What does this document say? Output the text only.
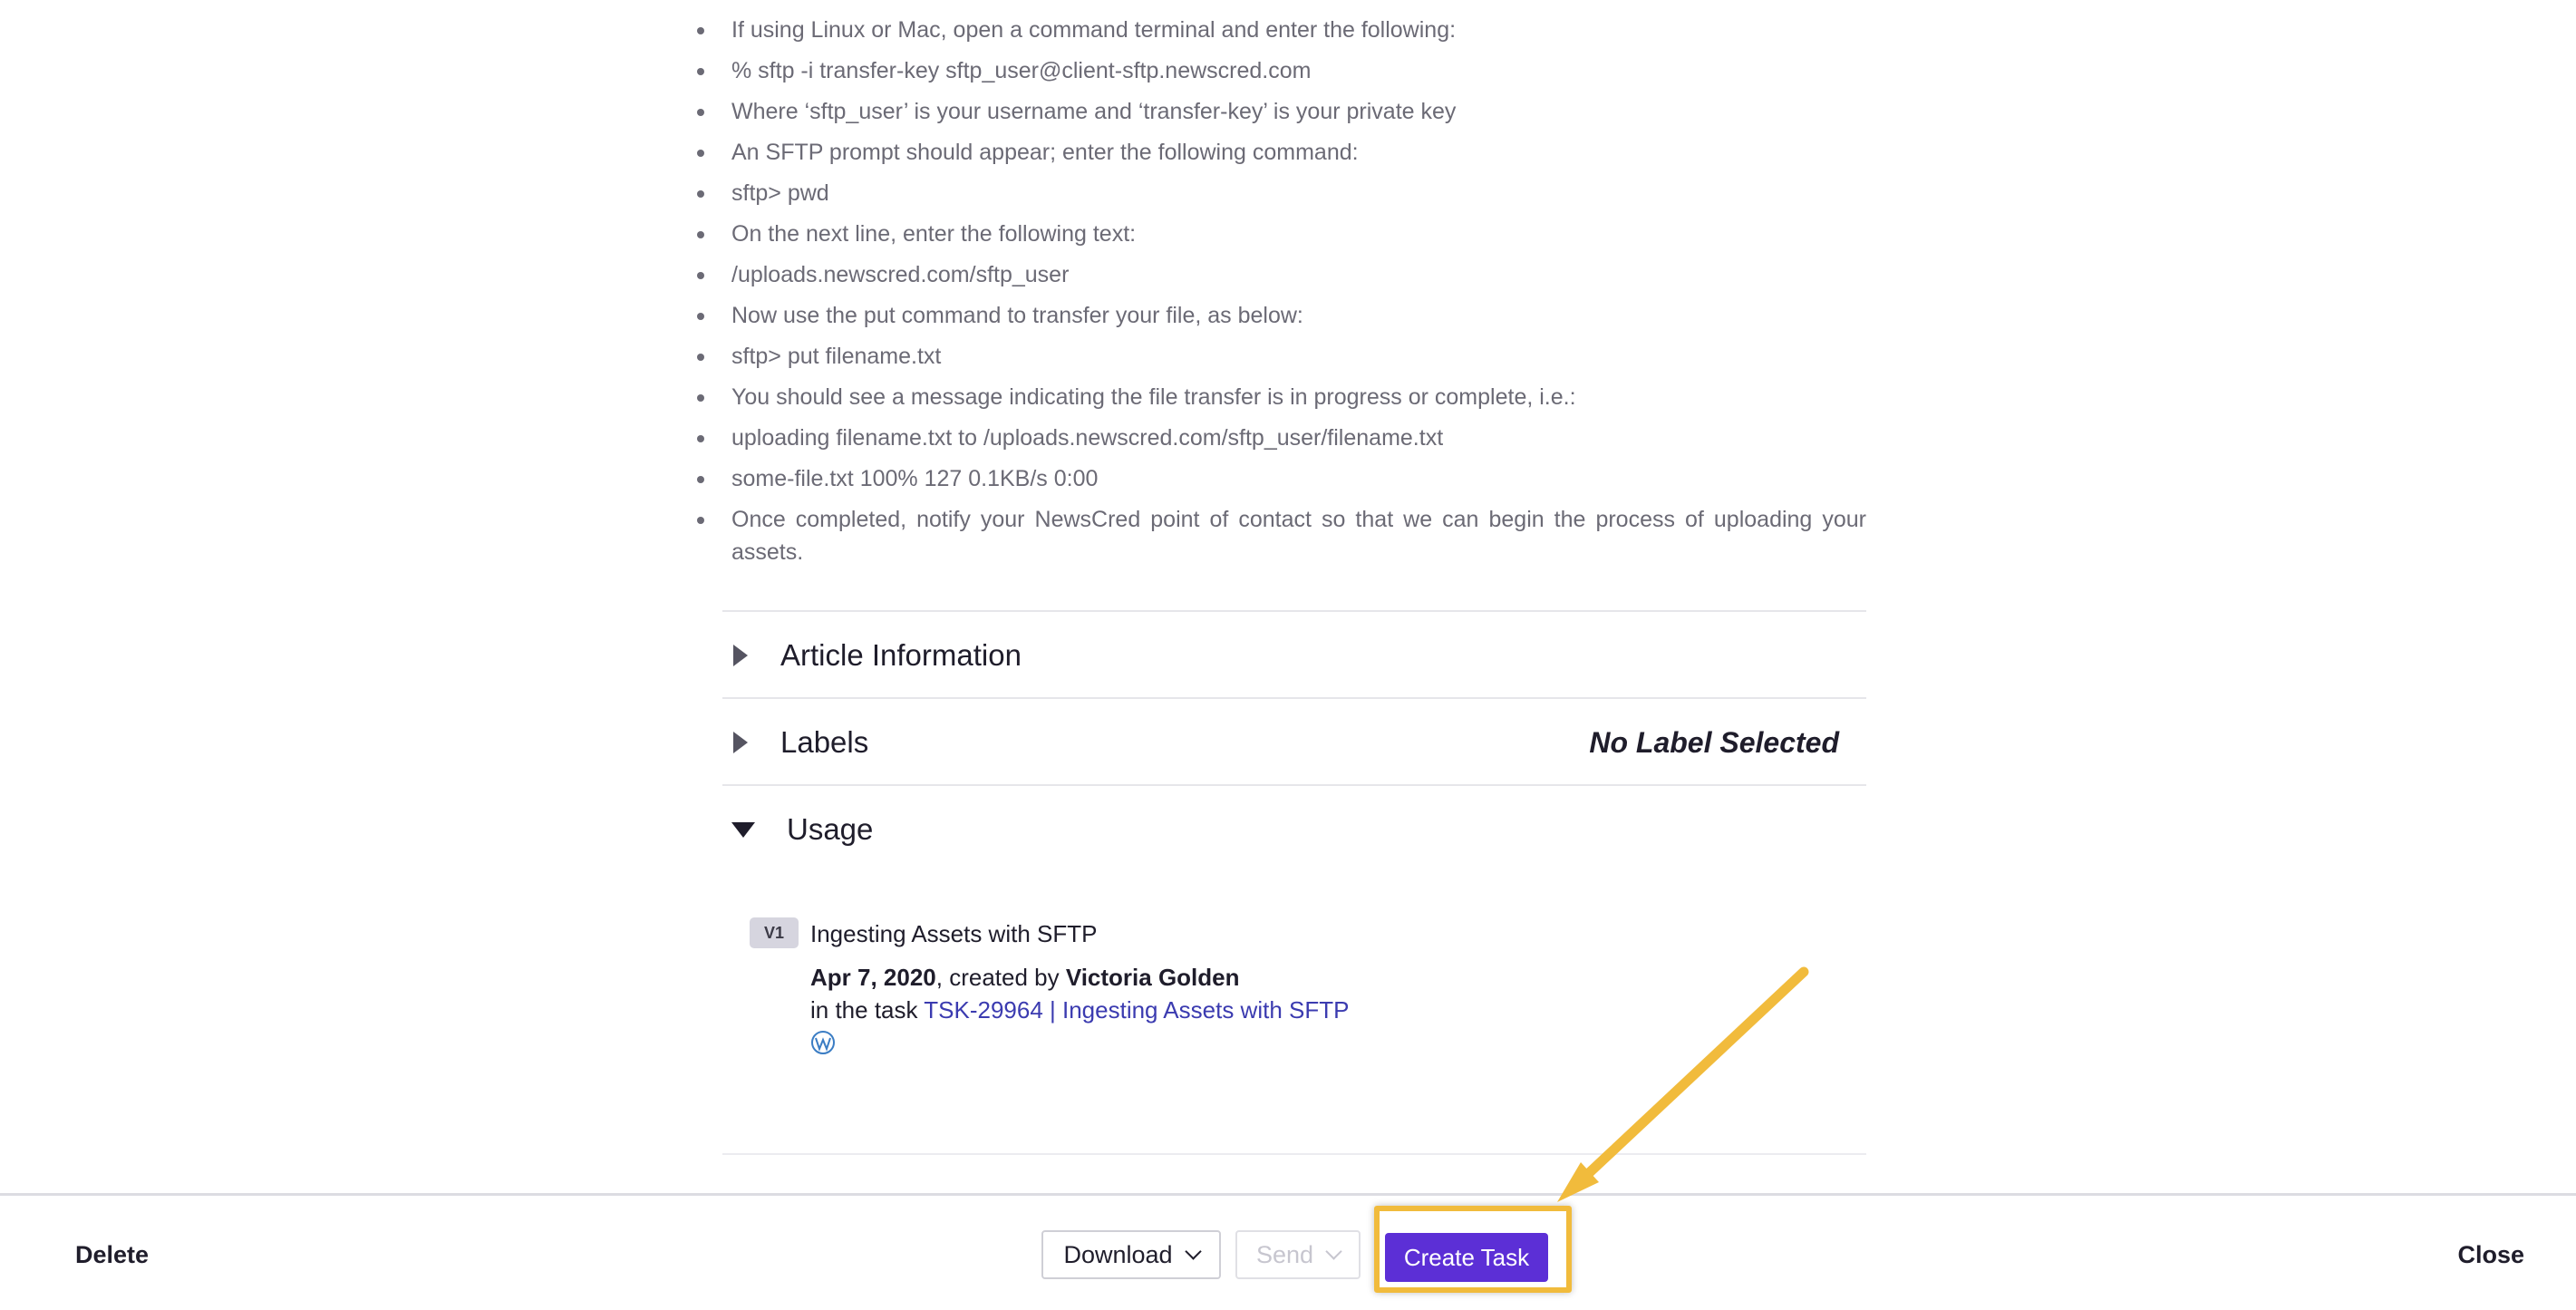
If using Linux or Mac, open a command terminal and enter the following:
% sftp -i transfer-key sftp_user@client-sftp.newscred.com
Where ‘sftp_user’ is your username and ‘transfer-key’ is your private key
An SFTP prompt should appear; enter the following command:
sftp> pwd
On the next line, enter the following text:
/uploads.newscred.com/sftp_user
Now use the put command to transfer your file, as below:
sftp> put filename.txt
You should see a message indicating the file transfer is in progress or complete, i.e.:
uploading filename.txt to /uploads.newscred.com/sftp_user/filename.txt
some-file.txt 100% 127 0.1KB/s 0:00
Once completed, notify your NewsCred point of contact so that we can begin the process of uploading your assets.
Article Information
Labels	No Label Selected
Usage
V1	Ingesting Assets with SFTP
Apr 7, 2020, created by Victoria Golden
in the task TSK-29964 | Ingesting Assets with SFTP
Delete	Download	Send	Create Task	Close
